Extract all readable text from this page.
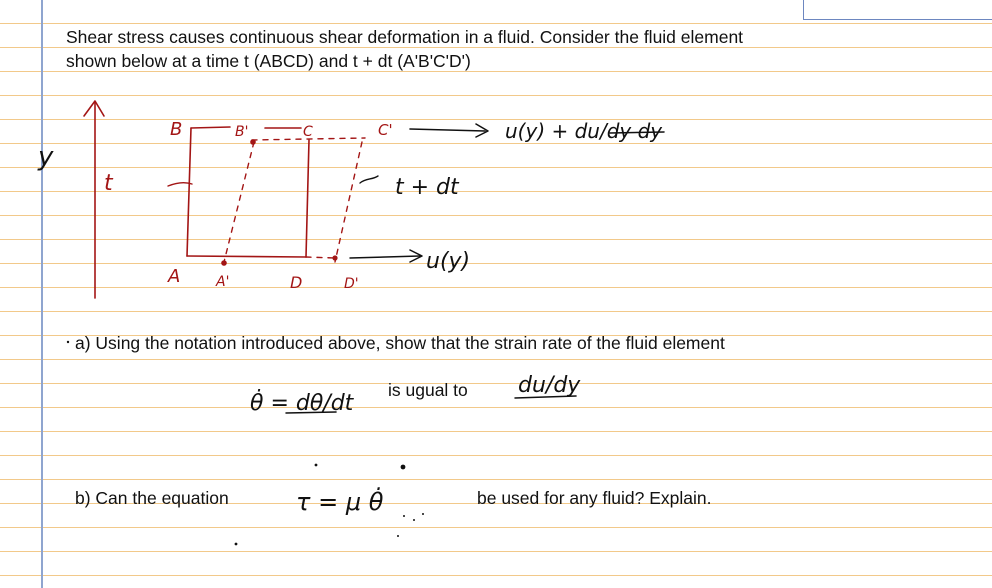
Shear stress causes continuous shear deformation in a fluid. Consider the fluid element
shown below at a time t (ABCD) and t + dt (A'B'C'D')
a) Using the notation introduced above, show that the strain rate of the fluid element
is ugual to
b) Can the equation	be used for any fluid? Explain.
y
t
B
A	D
B'	C	C'
A'	D'
t + dt
u(y)
u(y) + du/dy dy
θ̇ = dθ/dt
du/dy
τ = μ θ̇
